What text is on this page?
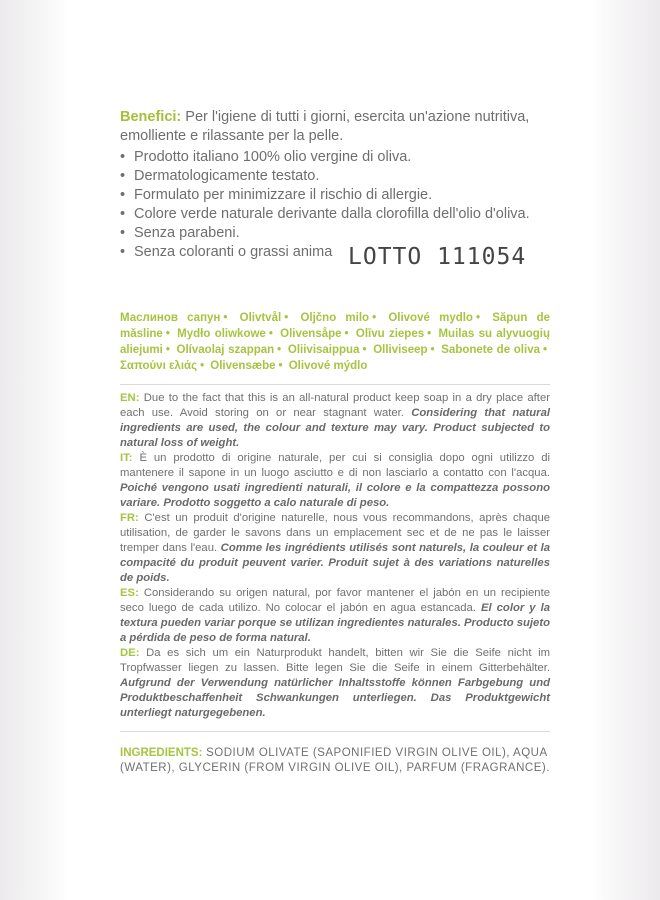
Benefici: Per l'igiene di tutti i giorni, esercita un'azione nutritiva, emolliente e rilassante per la pelle.
• Prodotto italiano 100% olio vergine di oliva.
• Dermatologicamente testato.
• Formulato per minimizzare il rischio di allergie.
• Colore verde naturale derivante dalla clorofilla dell'olio d'oliva.
• Senza parabeni.
• Senza coloranti o grassi anima LOTTO 111054
Маслинов сапун • Olivtvål • Oljčno milo • Olivové mydlo • Săpun de măsline • Mydło oliwkowe • Olivensåpe • Olīvu ziepes • Muilas su alyvuogių aliejumi • Olívaolaj szappan • Oliivisaippua • Olliviseep • Sabonete de oliva • Σαπούνι ελιάς • Olivensæbe • Olivové mýdlo

EN: Due to the fact that this is an all-natural product keep soap in a dry place after each use. Avoid storing on or near stagnant water. Considering that natural ingredients are used, the colour and texture may vary. Product subjected to natural loss of weight.

IT: È un prodotto di origine naturale, per cui si consiglia dopo ogni utilizzo di mantenere il sapone in un luogo asciutto e di non lasciarlo a contatto con l'acqua. Poiché vengono usati ingredienti naturali, il colore e la compattezza possono variare. Prodotto soggetto a calo naturale di peso.

FR: C'est un produit d'origine naturelle, nous vous recommandons, après chaque utilisation, de garder le savons dans un emplacement sec et de ne pas le laisser tremper dans l'eau. Comme les ingrédients utilisés sont naturels, la couleur et la compacité du produit peuvent varier. Produit sujet à des variations naturelles de poids.

ES: Considerando su origen natural, por favor mantener el jabón en un recipiente seco luego de cada utilizo. No colocar el jabón en agua estancada. El color y la textura pueden variar porque se utilizan ingredientes naturales. Producto sujeto a pérdida de peso de forma natural.

DE: Da es sich um ein Naturprodukt handelt, bitten wir Sie die Seife nicht im Tropfwasser liegen zu lassen. Bitte legen Sie die Seife in einem Gitterbehälter. Aufgrund der Verwendung natürlicher Inhaltsstoffe können Farbgebung und Produktbeschaffenheit Schwankungen unterliegen. Das Produktgewicht unterliegt naturgegebenen.

INGREDIENTS: SODIUM OLIVATE (SAPONIFIED VIRGIN OLIVE OIL), AQUA (WATER), GLYCERIN (FROM VIRGIN OLIVE OIL), PARFUM (FRAGRANCE).
